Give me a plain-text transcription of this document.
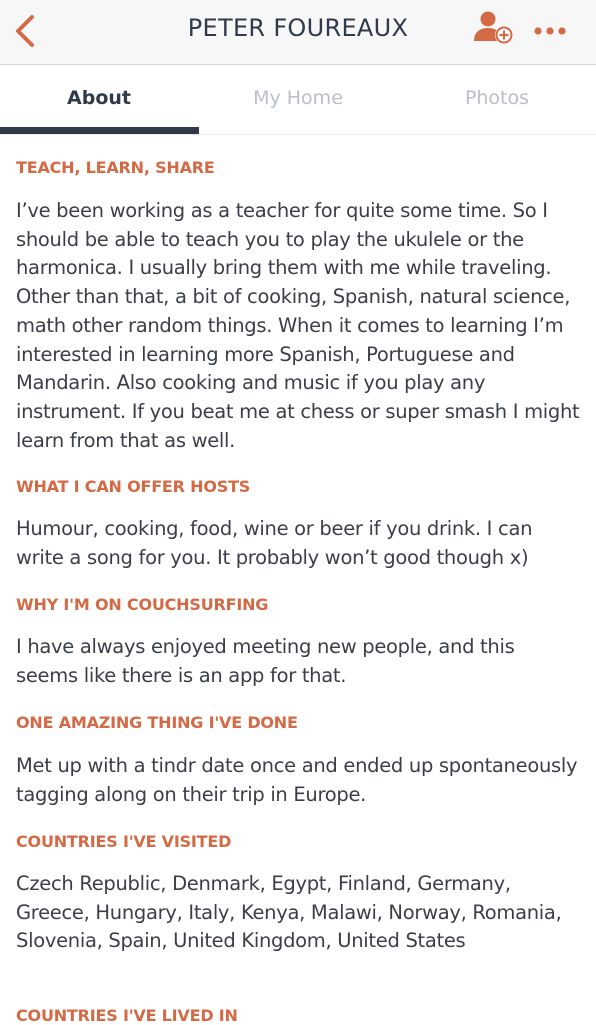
PETER FOUREAUX
About	My Home	Photos
TEACH, LEARN, SHARE

I’ve been working as a teacher for quite some time. So I should be able to teach you to play the ukulele or the harmonica. I usually bring them with me while traveling. Other than that, a bit of cooking, Spanish, natural science, math other random things. When it comes to learning I’m interested in learning more Spanish, Portuguese and Mandarin. Also cooking and music if you play any instrument. If you beat me at chess or super smash I might learn from that as well.

WHAT I CAN OFFER HOSTS

Humour, cooking, food, wine or beer if you drink. I can write a song for you. It probably won’t good though x)

WHY I'M ON COUCHSURFING

I have always enjoyed meeting new people, and this seems like there is an app for that.

ONE AMAZING THING I'VE DONE

Met up with a tindr date once and ended up spontaneously tagging along on their trip in Europe.

COUNTRIES I'VE VISITED

Czech Republic, Denmark, Egypt, Finland, Germany, Greece, Hungary, Italy, Kenya, Malawi, Norway, Romania, Slovenia, Spain, United Kingdom, United States

COUNTRIES I'VE LIVED IN
